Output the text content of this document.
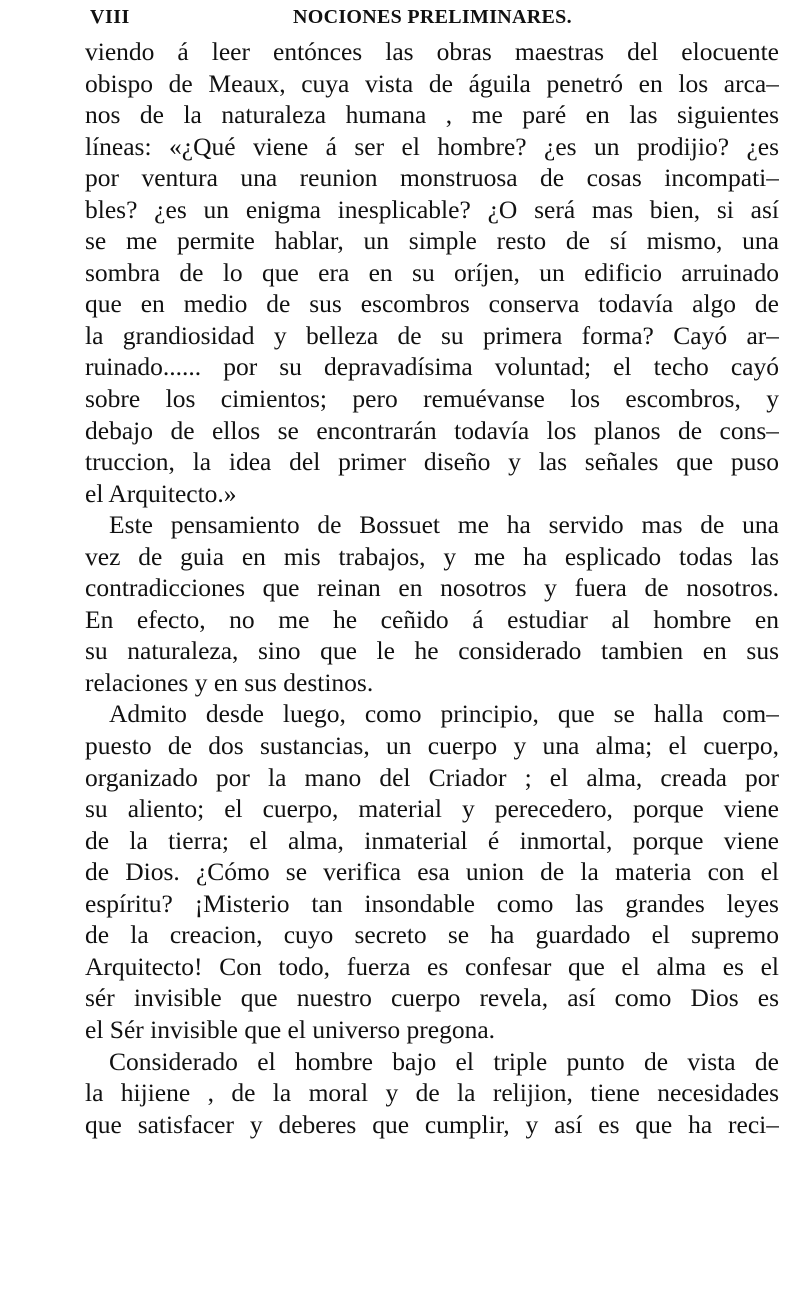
VIII	NOCIONES PRELIMINARES.
viendo á leer entónces las obras maestras del elocuente
obispo de Meaux, cuya vista de águila penetró en los arca–
nos de la naturaleza humana , me paré en las siguientes
líneas: «¿Qué viene á ser el hombre? ¿es un prodijio? ¿es
por ventura una reunion monstruosa de cosas incompati–
bles? ¿es un enigma inesplicable? ¿O será mas bien, si así
se me permite hablar, un simple resto de sí mismo, una
sombra de lo que era en su oríjen, un edificio arruinado
que en medio de sus escombros conserva todavía algo de
la grandiosidad y belleza de su primera forma? Cayó ar–
ruinado...... por su depravadísima voluntad; el techo cayó
sobre los cimientos; pero remuévanse los escombros, y
debajo de ellos se encontrarán todavía los planos de cons–
truccion, la idea del primer diseño y las señales que puso
el Arquitecto.»
Este pensamiento de Bossuet me ha servido mas de una
vez de guia en mis trabajos, y me ha esplicado todas las
contradicciones que reinan en nosotros y fuera de nosotros.
En efecto, no me he ceñido á estudiar al hombre en
su naturaleza, sino que le he considerado tambien en sus
relaciones y en sus destinos.
Admito desde luego, como principio, que se halla com–
puesto de dos sustancias, un cuerpo y una alma; el cuerpo,
organizado por la mano del Criador ; el alma, creada por
su aliento; el cuerpo, material y perecedero, porque viene
de la tierra; el alma, inmaterial é inmortal, porque viene
de Dios. ¿Cómo se verifica esa union de la materia con el
espíritu? ¡Misterio tan insondable como las grandes leyes
de la creacion, cuyo secreto se ha guardado el supremo
Arquitecto! Con todo, fuerza es confesar que el alma es el
sér invisible que nuestro cuerpo revela, así como Dios es
el Sér invisible que el universo pregona.
Considerado el hombre bajo el triple punto de vista de
la hijiene , de la moral y de la relijion, tiene necesidades
que satisfacer y deberes que cumplir, y así es que ha reci–
